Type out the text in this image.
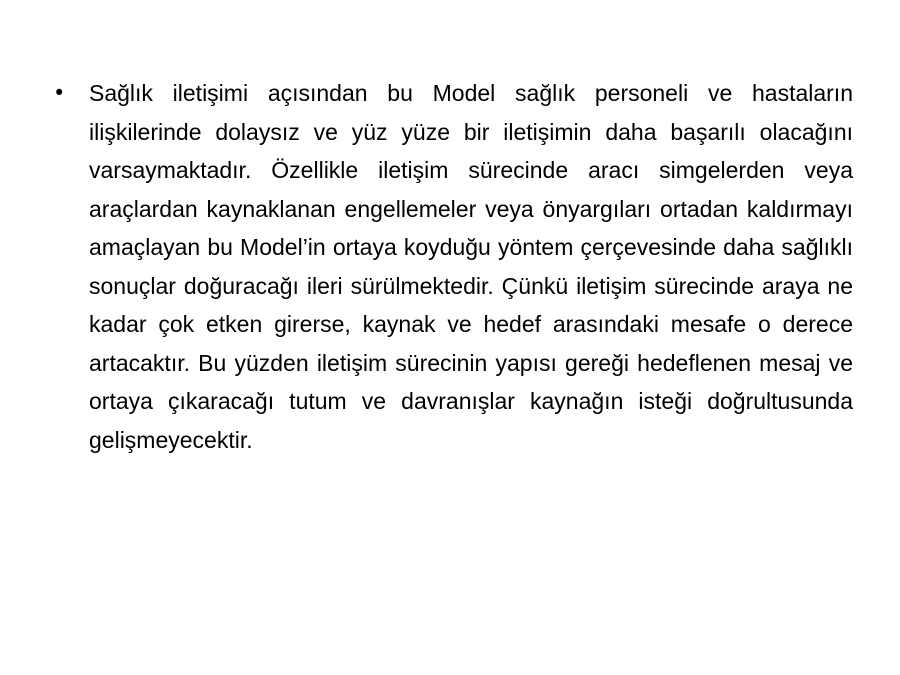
•	Sağlık iletişimi açısından bu Model sağlık personeli ve hastaların ilişkilerinde dolaysız ve yüz yüze bir iletişimin daha başarılı olacağını varsaymaktadır. Özellikle iletişim sürecinde aracı simgelerden veya araçlardan kaynaklanan engellemeler veya önyargıları ortadan kaldırmayı amaçlayan bu Model’in ortaya koyduğu yöntem çerçevesinde daha sağlıklı sonuçlar doğuracağı ileri sürülmektedir. Çünkü iletişim sürecinde araya ne kadar çok etken girerse, kaynak ve hedef arasındaki mesafe o derece artacaktır. Bu yüzden iletişim sürecinin yapısı gereği hedeflenen mesaj ve ortaya çıkaracağı tutum ve davranışlar kaynağın isteği doğrultusunda gelişmeyecektir.
